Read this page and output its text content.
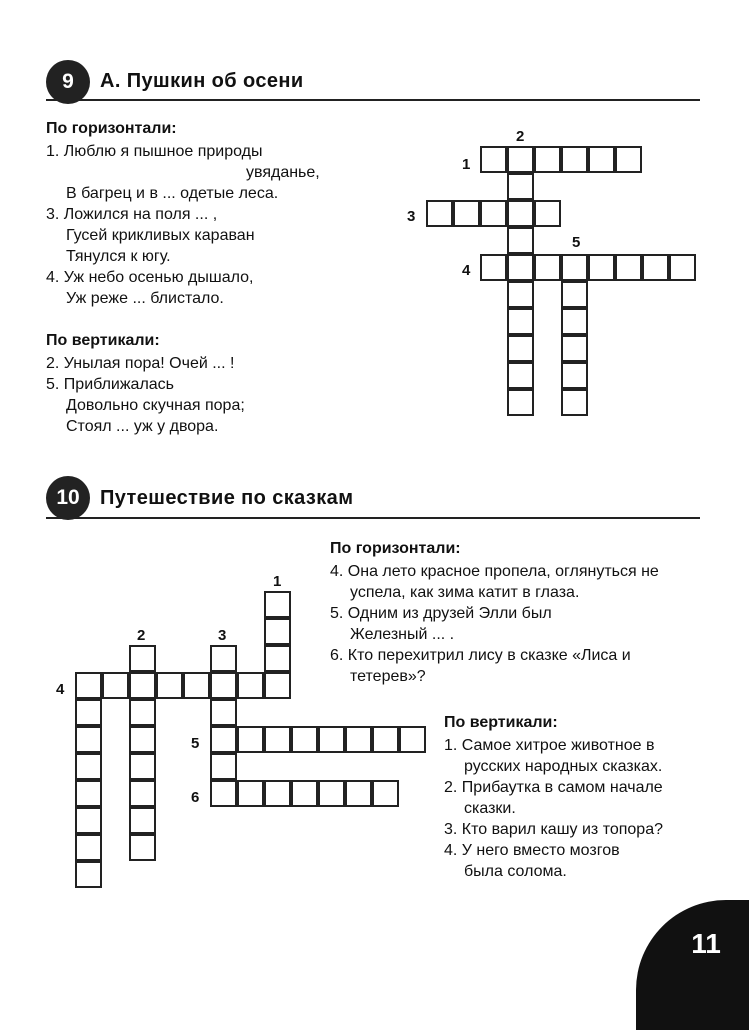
9	А. Пушкин об осени
По горизонтали:
1. Люблю я пышное природы
увяданье,
В багрец и в ... одетые леса.
3. Ложился на поля ... ,
Гусей крикливых караван
Тянулся к югу.
4. Уж небо осенью дышало,
Уж реже ... блистало.
По вертикали:
2. Унылая пора! Очей ... !
5. Приближалась
Довольно скучная пора;
Стоял ... уж у двора.
2
1
3
5
4
10	Путешествие по сказкам
По горизонтали:
4. Она лето красное пропела, оглянуться не
успела, как зима катит в глаза.
5. Одним из друзей Элли был
Железный ... .
6. Кто перехитрил лису в сказке «Лиса и
тетерев»?
По вертикали:
1. Самое хитрое животное в
русских народных сказках.
2. Прибаутка в самом начале
сказки.
3. Кто варил кашу из топора?
4. У него вместо мозгов
была солома.
1
2	3
4
5
6
11
